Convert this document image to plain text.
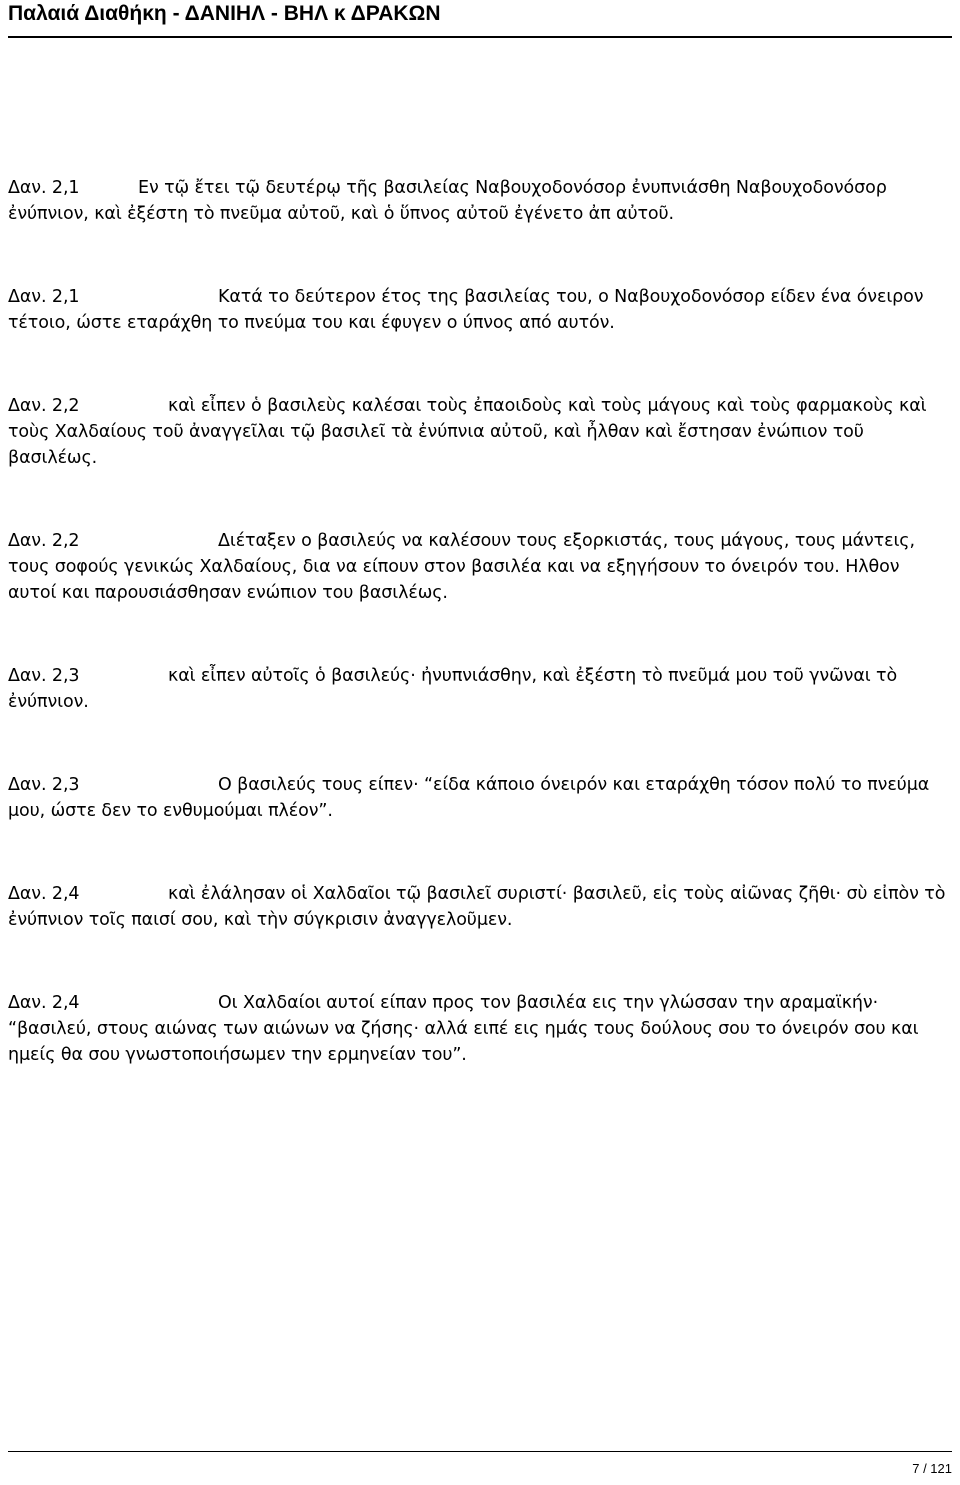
Παλαιά Διαθήκη - ΔΑΝΙΗΛ - ΒΗΛ κ ΔΡΑΚΩΝ
Δαν. 2,1	Εν τῷ ἔτει τῷ δευτέρῳ τῆς βασιλείας Ναβουχοδονόσορ ἐνυπνιάσθη Ναβουχοδονόσορ ἐνύπνιον, καὶ ἐξέστη τὸ πνεῦμα αὐτοῦ, καὶ ὁ ὕπνος αὐτοῦ ἐγένετο ἀπ αὐτοῦ.
Δαν. 2,1	Κατά το δεύτερον έτος της βασιλείας του, ο Ναβουχοδονόσορ είδεν ένα όνειρον τέτοιο, ώστε εταράχθη το πνεύμα του και έφυγεν ο ύπνος από αυτόν.
Δαν. 2,2	καὶ εἶπεν ὁ βασιλεὺς καλέσαι τοὺς ἐπαοιδοὺς καὶ τοὺς μάγους καὶ τοὺς φαρμακοὺς καὶ τοὺς Χαλδαίους τοῦ ἀναγγεῖλαι τῷ βασιλεῖ τὰ ἐνύπνια αὐτοῦ, καὶ ἦλθαν καὶ ἔστησαν ἐνώπιον τοῦ βασιλέως.
Δαν. 2,2	Διέταξεν ο βασιλεύς να καλέσουν τους εξορκιστάς, τους μάγους, τους μάντεις, τους σοφούς γενικώς Χαλδαίους, δια να είπουν στον βασιλέα και να εξηγήσουν το όνειρόν του. Ηλθον αυτοί και παρουσιάσθησαν ενώπιον του βασιλέως.
Δαν. 2,3	καὶ εἶπεν αὐτοῖς ὁ βασιλεύς· ἠνυπνιάσθην, καὶ ἐξέστη τὸ πνεῦμά μου τοῦ γνῶναι τὸ ἐνύπνιον.
Δαν. 2,3	Ο βασιλεύς τους είπεν· “είδα κάποιο όνειρόν και εταράχθη τόσον πολύ το πνεύμα μου, ώστε δεν το ενθυμούμαι πλέον”.
Δαν. 2,4	καὶ ἐλάλησαν οἱ Χαλδαῖοι τῷ βασιλεῖ συριστί· βασιλεῦ, εἰς τοὺς αἰῶνας ζῆθι· σὺ εἰπὸν τὸ ἐνύπνιον τοῖς παισί σου, καὶ τὴν σύγκρισιν ἀναγγελοῦμεν.
Δαν. 2,4	Οι Χαλδαίοι αυτοί είπαν προς τον βασιλέα εις την γλώσσαν την αραμαϊκήν· “βασιλεύ, στους αιώνας των αιώνων να ζήσης· αλλά ειπέ εις ημάς τους δούλους σου το όνειρόν σου και ημείς θα σου γνωστοποιήσωμεν την ερμηνείαν του”.
7 / 121
